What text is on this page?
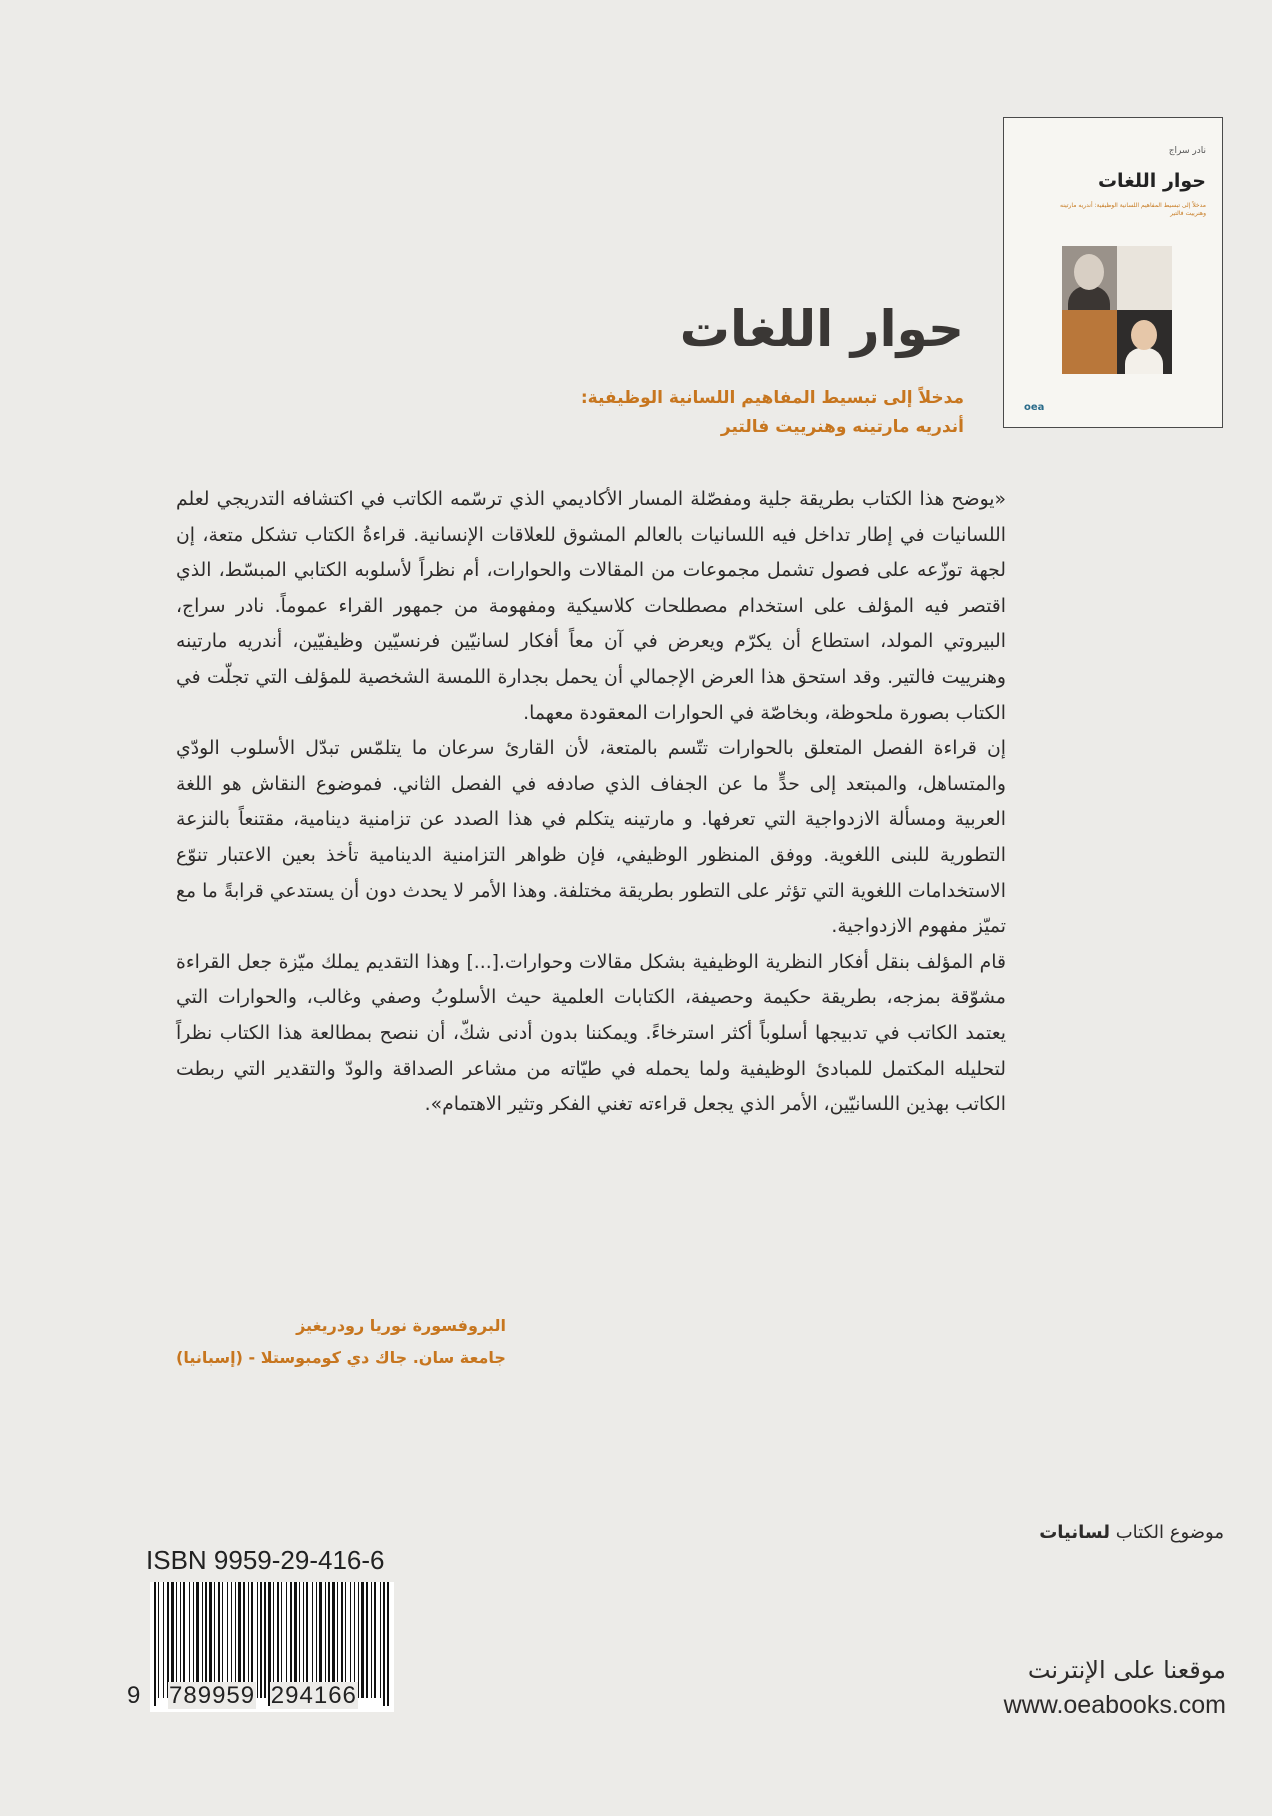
نادر سراج
حوار اللغات
مدخلاً إلى تبسيط المفاهيم اللسانية الوظيفية: أندريه مارتينه وهنرييت فالتير
oea
حوار اللغات
مدخلاً إلى تبسيط المفاهيم اللسانية الوظيفية:
أندريه مارتينه وهنرييت فالتير

«يوضح هذا الكتاب بطريقة جلية ومفصّلة المسار الأكاديمي الذي ترسّمه الكاتب في اكتشافه التدريجي لعلم اللسانيات في إطار تداخل فيه اللسانيات بالعالم المشوق للعلاقات الإنسانية. قراءةُ الكتاب تشكل متعة، إن لجهة توزّعه على فصول تشمل مجموعات من المقالات والحوارات، أم نظراً لأسلوبه الكتابي المبسّط، الذي اقتصر فيه المؤلف على استخدام مصطلحات كلاسيكية ومفهومة من جمهور القراء عموماً. نادر سراج، البيروتي المولد، استطاع أن يكرّم ويعرض في آن معاً أفكار لسانيّين فرنسيّين وظيفيّين، أندريه مارتينه وهنرييت فالتير. وقد استحق هذا العرض الإجمالي أن يحمل بجدارة اللمسة الشخصية للمؤلف التي تجلّت في الكتاب بصورة ملحوظة، وبخاصّة في الحوارات المعقودة معهما.

إن قراءة الفصل المتعلق بالحوارات تتّسم بالمتعة، لأن القارئ سرعان ما يتلمّس تبدّل الأسلوب الودّي والمتساهل، والمبتعد إلى حدٍّ ما عن الجفاف الذي صادفه في الفصل الثاني. فموضوع النقاش هو اللغة العربية ومسألة الازدواجية التي تعرفها. و مارتينه يتكلم في هذا الصدد عن تزامنية دينامية، مقتنعاً بالنزعة التطورية للبنى اللغوية. ووفق المنظور الوظيفي، فإن ظواهر التزامنية الدينامية تأخذ بعين الاعتبار تنوّع الاستخدامات اللغوية التي تؤثر على التطور بطريقة مختلفة. وهذا الأمر لا يحدث دون أن يستدعي قرابةً ما مع تميّز مفهوم الازدواجية.

قام المؤلف بنقل أفكار النظرية الوظيفية بشكل مقالات وحوارات.[...] وهذا التقديم يملك ميّزة جعل القراءة مشوّقة بمزجه، بطريقة حكيمة وحصيفة، الكتابات العلمية حيث الأسلوبُ وصفي وغالب، والحوارات التي يعتمد الكاتب في تدبيجها أسلوباً أكثر استرخاءً. ويمكننا بدون أدنى شكّ، أن ننصح بمطالعة هذا الكتاب نظراً لتحليله المكتمل للمبادئ الوظيفية ولما يحمله في طيّاته من مشاعر الصداقة والودّ والتقدير التي ربطت الكاتب بهذين اللسانيّين، الأمر الذي يجعل قراءته تغني الفكر وتثير الاهتمام».

البروفسورة نوريا رودريغيز
جامعة سان. جاك دي كومبوستلا - (إسبانيا)
موضوع الكتاب لسانيات
ISBN 9959-29-416-6
9 789959 294166
موقعنا على الإنترنت
www.oeabooks.com
